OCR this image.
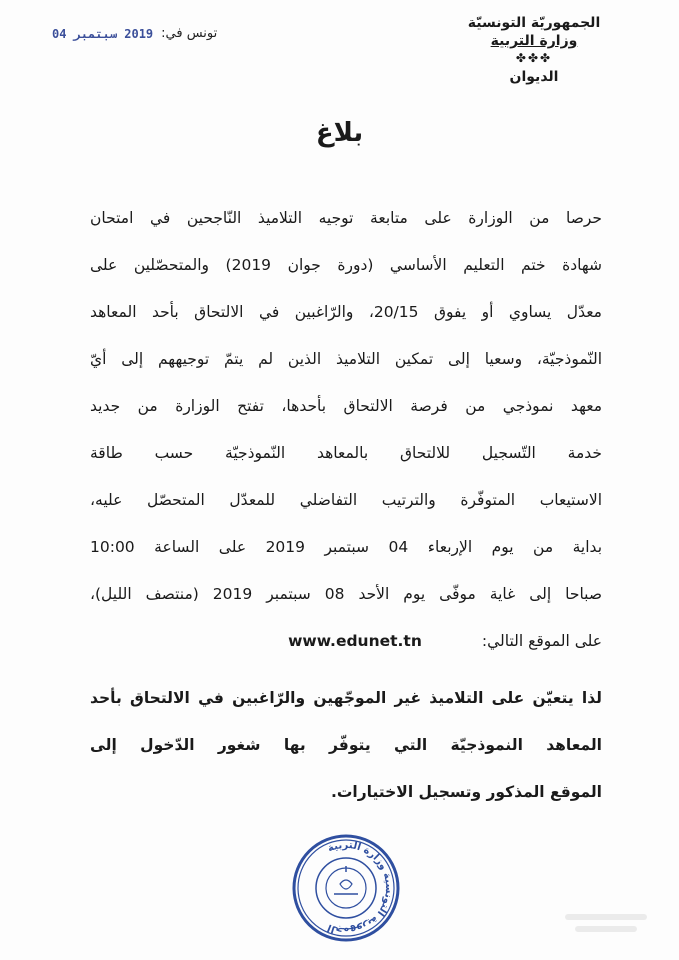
الجمهوريّة التونسيّة
وزارة التربية
✤✤✤
الديوان
تونس في:
2019 سبتمبر 04
بلاغ
حرصا من الوزارة على متابعة توجيه التلاميذ النّاجحين في امتحان
شهادة ختم التعليم الأساسي (دورة جوان 2019) والمتحصّلين على
معدّل يساوي أو يفوق 20/15، والرّاغبين في الالتحاق بأحد المعاهد
النّموذجيّة، وسعيا إلى تمكين التلاميذ الذين لم يتمّ توجيههم إلى أيّ
معهد نموذجي من فرصة الالتحاق بأحدها، تفتح الوزارة من جديد
خدمة التّسجيل للالتحاق بالمعاهد النّموذجيّة حسب طاقة
الاستيعاب المتوفّرة والترتيب التفاضلي للمعدّل المتحصّل عليه،
بداية من يوم الإربعاء 04 سبتمبر 2019 على الساعة 10:00
صباحا إلى غاية موفّى يوم الأحد 08 سبتمبر 2019 (منتصف الليل)،
على الموقع التالي:
www.edunet.tn
لذا يتعيّن على التلاميذ غير الموجّهين والرّاغبين في الالتحاق بأحد
المعاهد النموذجيّة التي يتوفّر بها شغور الدّخول إلى
الموقع المذكور وتسجيل الاختيارات.
الجمهورية التونسية وزارة التربية
